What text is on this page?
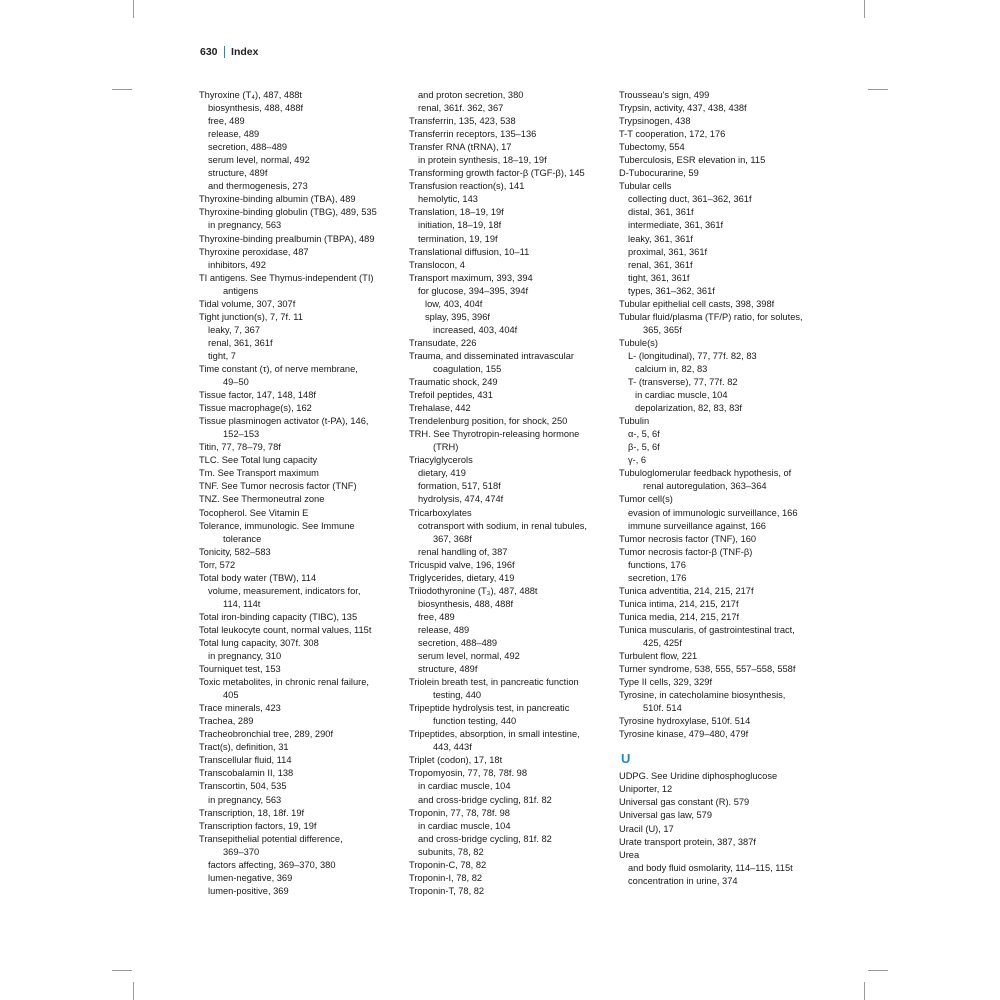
630 Index
Thyroxine (T₄), 487, 488t
biosynthesis, 488, 488f
free, 489
release, 489
secretion, 488–489
serum level, normal, 492
structure, 489f
and thermogenesis, 273
Thyroxine-binding albumin (TBA), 489
Thyroxine-binding globulin (TBG), 489, 535
in pregnancy, 563
Thyroxine-binding prealbumin (TBPA), 489
Thyroxine peroxidase, 487
inhibitors, 492
TI antigens. See Thymus-independent (TI)
antigens
Tidal volume, 307, 307f
Tight junction(s), 7, 7f. 11
leaky, 7, 367
renal, 361, 361f
tight, 7
Time constant (τ), of nerve membrane,
49–50
Tissue factor, 147, 148, 148f
Tissue macrophage(s), 162
Tissue plasminogen activator (t-PA), 146,
152–153
Titin, 77, 78–79, 78f
TLC. See Total lung capacity
Tm. See Transport maximum
TNF. See Tumor necrosis factor (TNF)
TNZ. See Thermoneutral zone
Tocopherol. See Vitamin E
Tolerance, immunologic. See Immune
tolerance
Tonicity, 582–583
Torr, 572
Total body water (TBW), 114
volume, measurement, indicators for,
114, 114t
Total iron-binding capacity (TIBC), 135
Total leukocyte count, normal values, 115t
Total lung capacity, 307f. 308
in pregnancy, 310
Tourniquet test, 153
Toxic metabolites, in chronic renal failure,
405
Trace minerals, 423
Trachea, 289
Tracheobronchial tree, 289, 290f
Tract(s), definition, 31
Transcellular fluid, 114
Transcobalamin II, 138
Transcortin, 504, 535
in pregnancy, 563
Transcription, 18, 18f. 19f
Transcription factors, 19, 19f
Transepithelial potential difference,
369–370
factors affecting, 369–370, 380
lumen-negative, 369
lumen-positive, 369
and proton secretion, 380
renal, 361f. 362, 367
Transferrin, 135, 423, 538
Transferrin receptors, 135–136
Transfer RNA (tRNA), 17
in protein synthesis, 18–19, 19f
Transforming growth factor-β (TGF-β), 145
Transfusion reaction(s), 141
hemolytic, 143
Translation, 18–19, 19f
initiation, 18–19, 18f
termination, 19, 19f
Translational diffusion, 10–11
Translocon, 4
Transport maximum, 393, 394
for glucose, 394–395, 394f
low, 403, 404f
splay, 395, 396f
increased, 403, 404f
Transudate, 226
Trauma, and disseminated intravascular
coagulation, 155
Traumatic shock, 249
Trefoil peptides, 431
Trehalase, 442
Trendelenburg position, for shock, 250
TRH. See Thyrotropin-releasing hormone
(TRH)
Triacylglycerols
dietary, 419
formation, 517, 518f
hydrolysis, 474, 474f
Tricarboxylates
cotransport with sodium, in renal tubules,
367, 368f
renal handling of, 387
Tricuspid valve, 196, 196f
Triglycerides, dietary, 419
Triiodothyronine (T₃), 487, 488t
biosynthesis, 488, 488f
free, 489
release, 489
secretion, 488–489
serum level, normal, 492
structure, 489f
Triolein breath test, in pancreatic function
testing, 440
Tripeptide hydrolysis test, in pancreatic
function testing, 440
Tripeptides, absorption, in small intestine,
443, 443f
Triplet (codon), 17, 18t
Tropomyosin, 77, 78, 78f. 98
in cardiac muscle, 104
and cross-bridge cycling, 81f. 82
Troponin, 77, 78, 78f. 98
in cardiac muscle, 104
and cross-bridge cycling, 81f. 82
subunits, 78, 82
Troponin-C, 78, 82
Troponin-I, 78, 82
Troponin-T, 78, 82
Trousseau's sign, 499
Trypsin, activity, 437, 438, 438f
Trypsinogen, 438
T-T cooperation, 172, 176
Tubectomy, 554
Tuberculosis, ESR elevation in, 115
D-Tubocurarine, 59
Tubular cells
collecting duct, 361–362, 361f
distal, 361, 361f
intermediate, 361, 361f
leaky, 361, 361f
proximal, 361, 361f
renal, 361, 361f
tight, 361, 361f
types, 361–362, 361f
Tubular epithelial cell casts, 398, 398f
Tubular fluid/plasma (TF/P) ratio, for solutes,
365, 365f
Tubule(s)
L- (longitudinal), 77, 77f. 82, 83
calcium in, 82, 83
T- (transverse), 77, 77f. 82
in cardiac muscle, 104
depolarization, 82, 83, 83f
Tubulin
α-, 5, 6f
β-, 5, 6f
γ-, 6
Tubuloglomerular feedback hypothesis, of
renal autoregulation, 363–364
Tumor cell(s)
evasion of immunologic surveillance, 166
immune surveillance against, 166
Tumor necrosis factor (TNF), 160
Tumor necrosis factor-β (TNF-β)
functions, 176
secretion, 176
Tunica adventitia, 214, 215, 217f
Tunica intima, 214, 215, 217f
Tunica media, 214, 215, 217f
Tunica muscularis, of gastrointestinal tract,
425, 425f
Turbulent flow, 221
Turner syndrome, 538, 555, 557–558, 558f
Type II cells, 329, 329f
Tyrosine, in catecholamine biosynthesis,
510f. 514
Tyrosine hydroxylase, 510f. 514
Tyrosine kinase, 479–480, 479f
U
UDPG. See Uridine diphosphoglucose
Uniporter, 12
Universal gas constant (R). 579
Universal gas law, 579
Uracil (U), 17
Urate transport protein, 387, 387f
Urea
and body fluid osmolarity, 114–115, 115t
concentration in urine, 374
